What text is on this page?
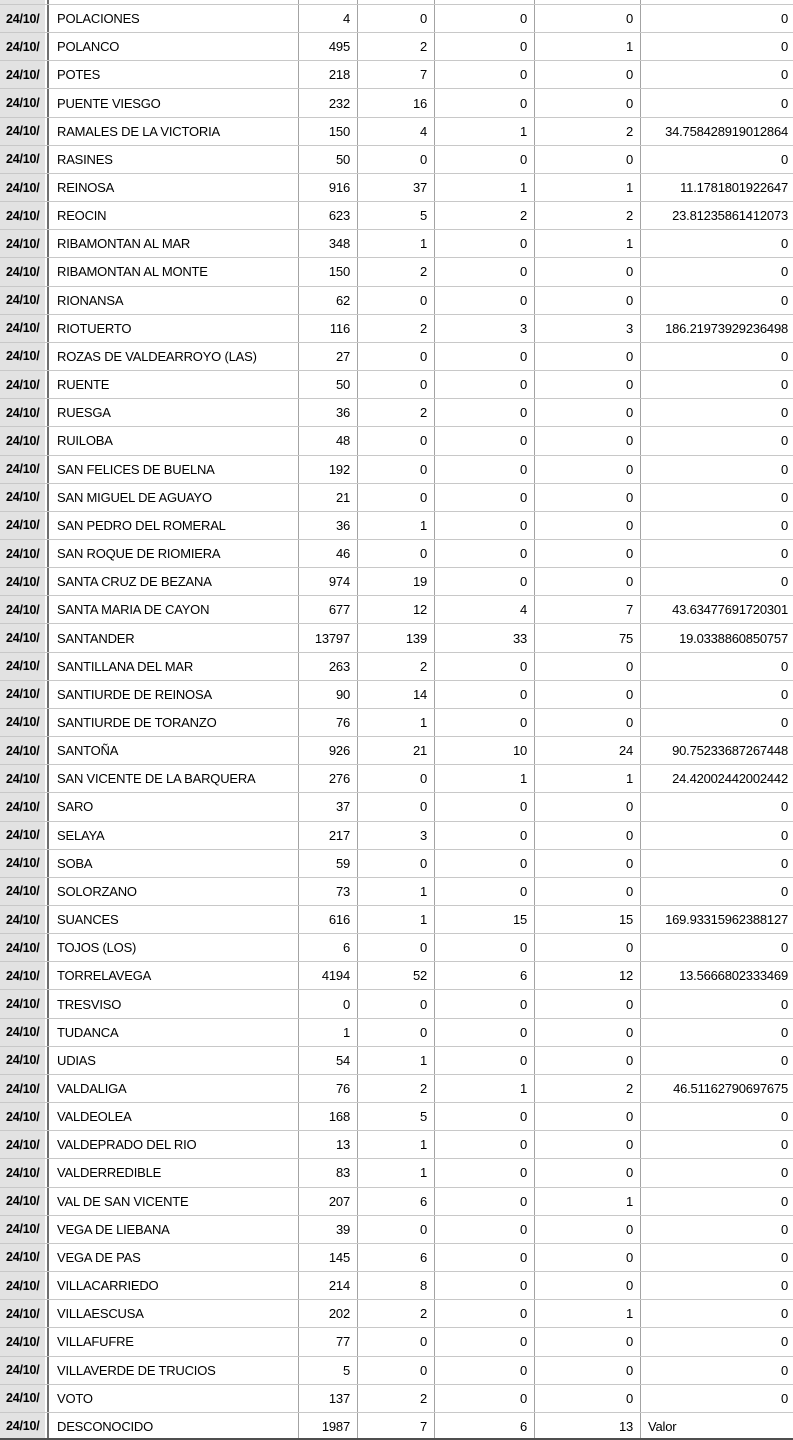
24/10/	POLACIONES	4	0	0	0	0
24/10/	POLANCO	495	2	0	1	0
24/10/	POTES	218	7	0	0	0
24/10/	PUENTE VIESGO	232	16	0	0	0
24/10/	RAMALES DE LA VICTORIA	150	4	1	2	34.758428919012864
24/10/	RASINES	50	0	0	0	0
24/10/	REINOSA	916	37	1	1	11.1781801922647
24/10/	REOCIN	623	5	2	2	23.81235861412073
24/10/	RIBAMONTAN AL MAR	348	1	0	1	0
24/10/	RIBAMONTAN AL MONTE	150	2	0	0	0
24/10/	RIONANSA	62	0	0	0	0
24/10/	RIOTUERTO	116	2	3	3	186.21973929236498
24/10/	ROZAS DE VALDEARROYO (LAS)	27	0	0	0	0
24/10/	RUENTE	50	0	0	0	0
24/10/	RUESGA	36	2	0	0	0
24/10/	RUILOBA	48	0	0	0	0
24/10/	SAN FELICES DE BUELNA	192	0	0	0	0
24/10/	SAN MIGUEL DE AGUAYO	21	0	0	0	0
24/10/	SAN PEDRO DEL ROMERAL	36	1	0	0	0
24/10/	SAN ROQUE DE RIOMIERA	46	0	0	0	0
24/10/	SANTA CRUZ DE BEZANA	974	19	0	0	0
24/10/	SANTA MARIA DE CAYON	677	12	4	7	43.63477691720301
24/10/	SANTANDER	13797	139	33	75	19.0338860850757
24/10/	SANTILLANA DEL MAR	263	2	0	0	0
24/10/	SANTIURDE DE REINOSA	90	14	0	0	0
24/10/	SANTIURDE DE TORANZO	76	1	0	0	0
24/10/	SANTOÑA	926	21	10	24	90.75233687267448
24/10/	SAN VICENTE DE LA BARQUERA	276	0	1	1	24.42002442002442
24/10/	SARO	37	0	0	0	0
24/10/	SELAYA	217	3	0	0	0
24/10/	SOBA	59	0	0	0	0
24/10/	SOLORZANO	73	1	0	0	0
24/10/	SUANCES	616	1	15	15	169.93315962388127
24/10/	TOJOS (LOS)	6	0	0	0	0
24/10/	TORRELAVEGA	4194	52	6	12	13.5666802333469
24/10/	TRESVISO	0	0	0	0	0
24/10/	TUDANCA	1	0	0	0	0
24/10/	UDIAS	54	1	0	0	0
24/10/	VALDALIGA	76	2	1	2	46.51162790697675
24/10/	VALDEOLEA	168	5	0	0	0
24/10/	VALDEPRADO DEL RIO	13	1	0	0	0
24/10/	VALDERREDIBLE	83	1	0	0	0
24/10/	VAL DE SAN VICENTE	207	6	0	1	0
24/10/	VEGA DE LIEBANA	39	0	0	0	0
24/10/	VEGA DE PAS	145	6	0	0	0
24/10/	VILLACARRIEDO	214	8	0	0	0
24/10/	VILLAESCUSA	202	2	0	1	0
24/10/	VILLAFUFRE	77	0	0	0	0
24/10/	VILLAVERDE DE TRUCIOS	5	0	0	0	0
24/10/	VOTO	137	2	0	0	0
24/10/	DESCONOCIDO	1987	7	6	13	Valor
